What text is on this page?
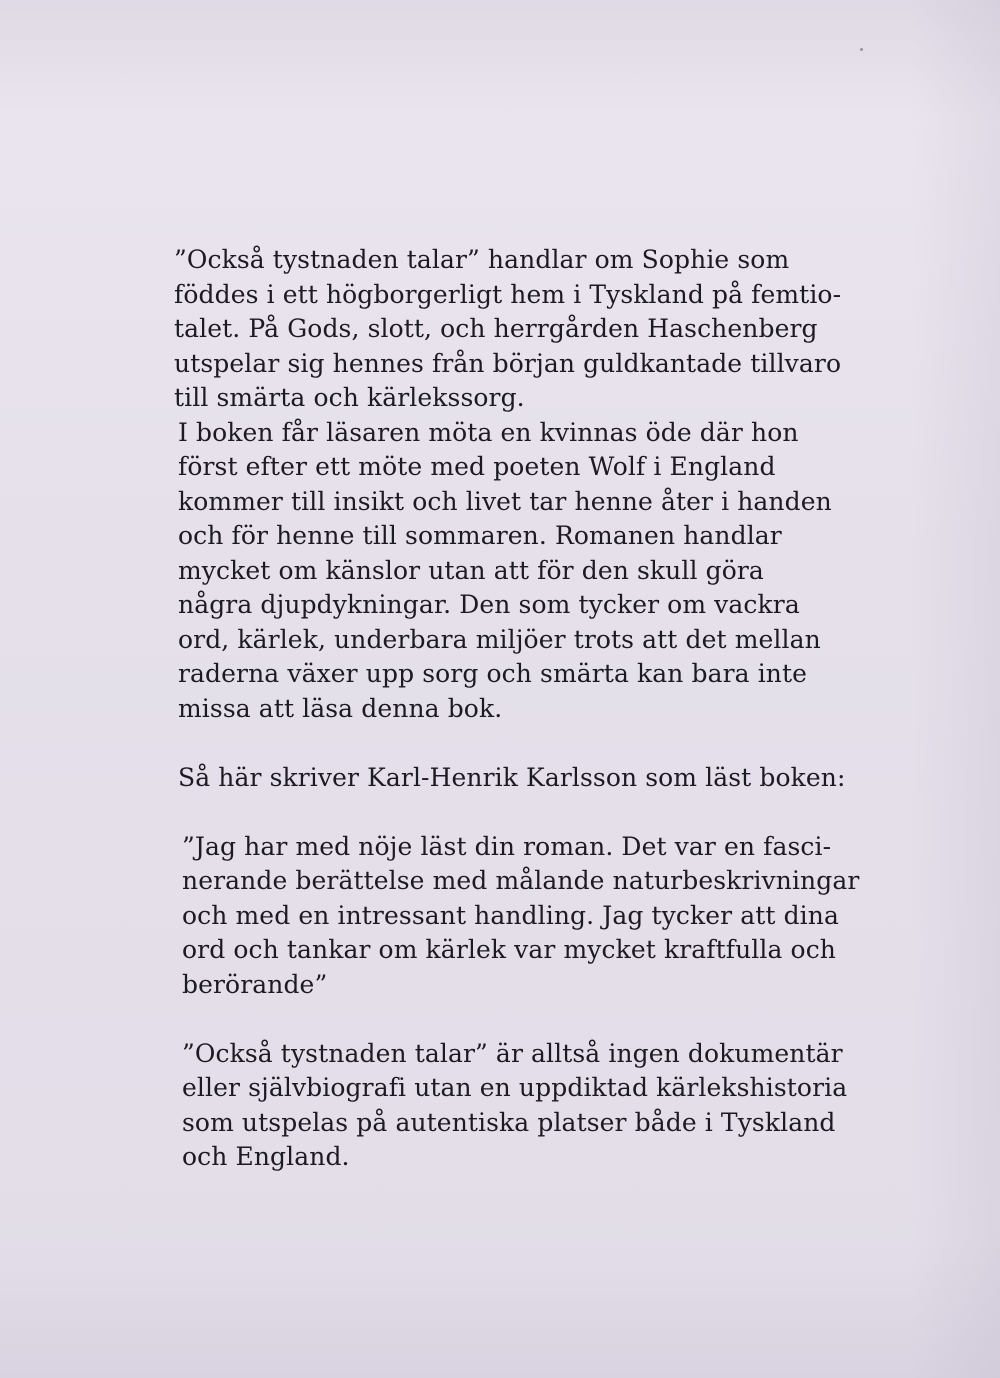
”Också tystnaden talar” handlar om Sophie som
föddes i ett högborgerligt hem i Tyskland på femtio-
talet. På Gods, slott, och herrgården Haschenberg
utspelar sig hennes från början guldkantade tillvaro
till smärta och kärlekssorg.

I boken får läsaren möta en kvinnas öde där hon
först efter ett möte med poeten Wolf i England
kommer till insikt och livet tar henne åter i handen
och för henne till sommaren. Romanen handlar
mycket om känslor utan att för den skull göra
några djupdykningar. Den som tycker om vackra
ord, kärlek, underbara miljöer trots att det mellan
raderna växer upp sorg och smärta kan bara inte
missa att läsa denna bok.

Så här skriver Karl-Henrik Karlsson som läst boken:

”Jag har med nöje läst din roman. Det var en fasci-
nerande berättelse med målande naturbeskrivningar
och med en intressant handling. Jag tycker att dina
ord och tankar om kärlek var mycket kraftfulla och
berörande”

”Också tystnaden talar” är alltså ingen dokumentär
eller självbiografi utan en uppdiktad kärlekshistoria
som utspelas på autentiska platser både i Tyskland
och England.
